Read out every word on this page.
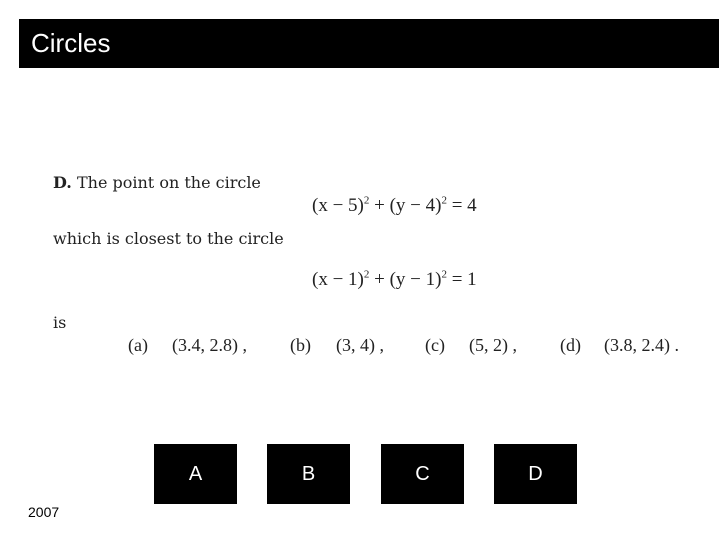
Circles
D. The point on the circle
$(x - 5)^2 + (y - 4)^2 = 4$
which is closest to the circle
$(x - 1)^2 + (y - 1)^2 = 1$
is
(a) (3.4, 2.8) , (b) (3, 4) , (c) (5, 2) , (d) (3.8, 2.4) .
A	B	C	D
2007
